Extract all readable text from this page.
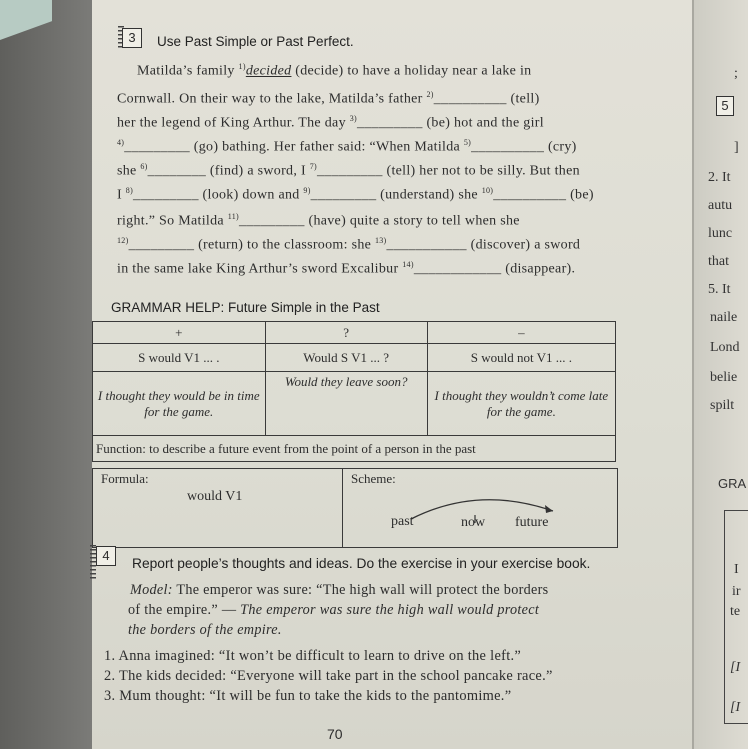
3	Use Past Simple or Past Perfect.
Matilda’s family $^{1)}$decided (decide) to have a holiday near a lake in
Cornwall. On their way to the lake, Matilda’s father $^{2)}$__________ (tell)
her the legend of King Arthur. The day $^{3)}$_________ (be) hot and the girl
$^{4)}$_________ (go) bathing. Her father said: “When Matilda $^{5)}$__________ (cry)
she $^{6)}$________ (find) a sword, I $^{7)}$_________ (tell) her not to be silly. But then
I $^{8)}$_________ (look) down and $^{9)}$_________ (understand) she $^{10)}$__________ (be)
right.” So Matilda $^{11)}$_________ (have) quite a story to tell when she
$^{12)}$_________ (return) to the classroom: she $^{13)}$___________ (discover) a sword
in the same lake King Arthur’s sword Excalibur $^{14)}$____________ (disappear).
GRAMMAR HELP: Future Simple in the Past
+	?	–
S would V1 ... .	Would S V1 ... ?	S would not V1 ... .
I thought they would be in time for the game.	Would they leave soon?	I thought they wouldn’t come late for the game.
Function: to describe a future event from the point of a person in the past		
Formula:
would V1
Scheme:
past	now future
4
Report people’s thoughts and ideas. Do the exercise in your exercise book.
Model: The emperor was sure: “The high wall will protect the borders
of the empire.” — The emperor was sure the high wall would protect
the borders of the empire.
1. Anna imagined: “It won’t be difficult to learn to drive on the left.”
2. The kids decided: “Everyone will take part in the school pancake race.”
3. Mum thought: “It will be fun to take the kids to the pantomime.”
70
;
5
]
2. It
autu
lunc
that
5. It
naile
Lond
belie
spilt
GRA
I
ir
te
[I
[I
